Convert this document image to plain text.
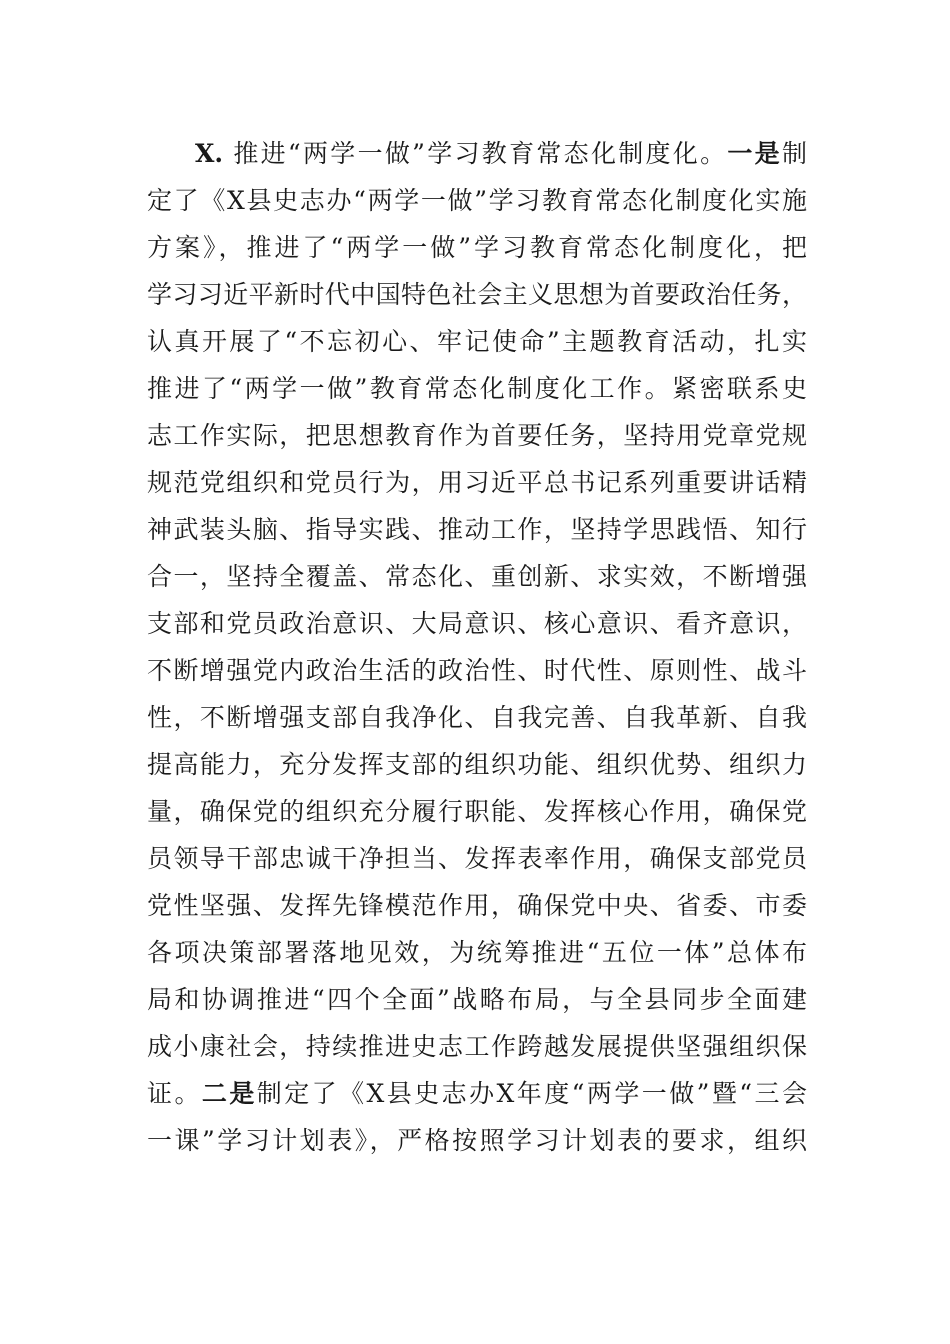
X. 推进“两学一做”学习教育常态化制度化。一是制
定了《X县史志办“两学一做”学习教育常态化制度化实施
方案》，推进了“两学一做”学习教育常态化制度化，把
学习习近平新时代中国特色社会主义思想为首要政治任务，
认真开展了“不忘初心、牢记使命”主题教育活动，扎实
推进了“两学一做”教育常态化制度化工作。紧密联系史
志工作实际，把思想教育作为首要任务，坚持用党章党规
规范党组织和党员行为，用习近平总书记系列重要讲话精
神武装头脑、指导实践、推动工作，坚持学思践悟、知行
合一，坚持全覆盖、常态化、重创新、求实效，不断增强
支部和党员政治意识、大局意识、核心意识、看齐意识，
不断增强党内政治生活的政治性、时代性、原则性、战斗
性，不断增强支部自我净化、自我完善、自我革新、自我
提高能力，充分发挥支部的组织功能、组织优势、组织力
量，确保党的组织充分履行职能、发挥核心作用，确保党
员领导干部忠诚干净担当、发挥表率作用，确保支部党员
党性坚强、发挥先锋模范作用，确保党中央、省委、市委
各项决策部署落地见效，为统筹推进“五位一体”总体布
局和协调推进“四个全面”战略布局，与全县同步全面建
成小康社会，持续推进史志工作跨越发展提供坚强组织保
证。二是制定了《X县史志办X年度“两学一做”暨“三会
一课”学习计划表》，严格按照学习计划表的要求，组织
